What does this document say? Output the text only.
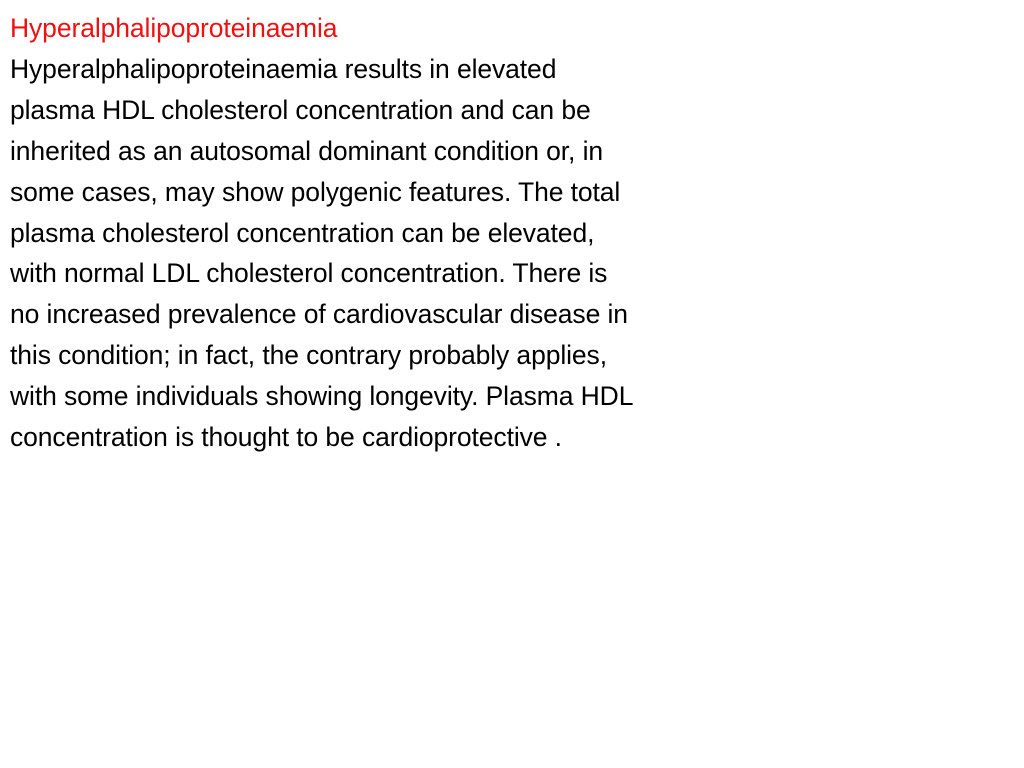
Hyperalphalipoproteinaemia
Hyperalphalipoproteinaemia results in elevated
plasma HDL cholesterol concentration and can be
inherited as an autosomal dominant condition or, in
some cases, may show polygenic features. The total
plasma cholesterol concentration can be elevated,
with normal LDL cholesterol concentration. There is
no increased prevalence of cardiovascular disease in
this condition; in fact, the contrary probably applies,
with some individuals showing longevity. Plasma HDL
concentration is thought to be cardioprotective .
